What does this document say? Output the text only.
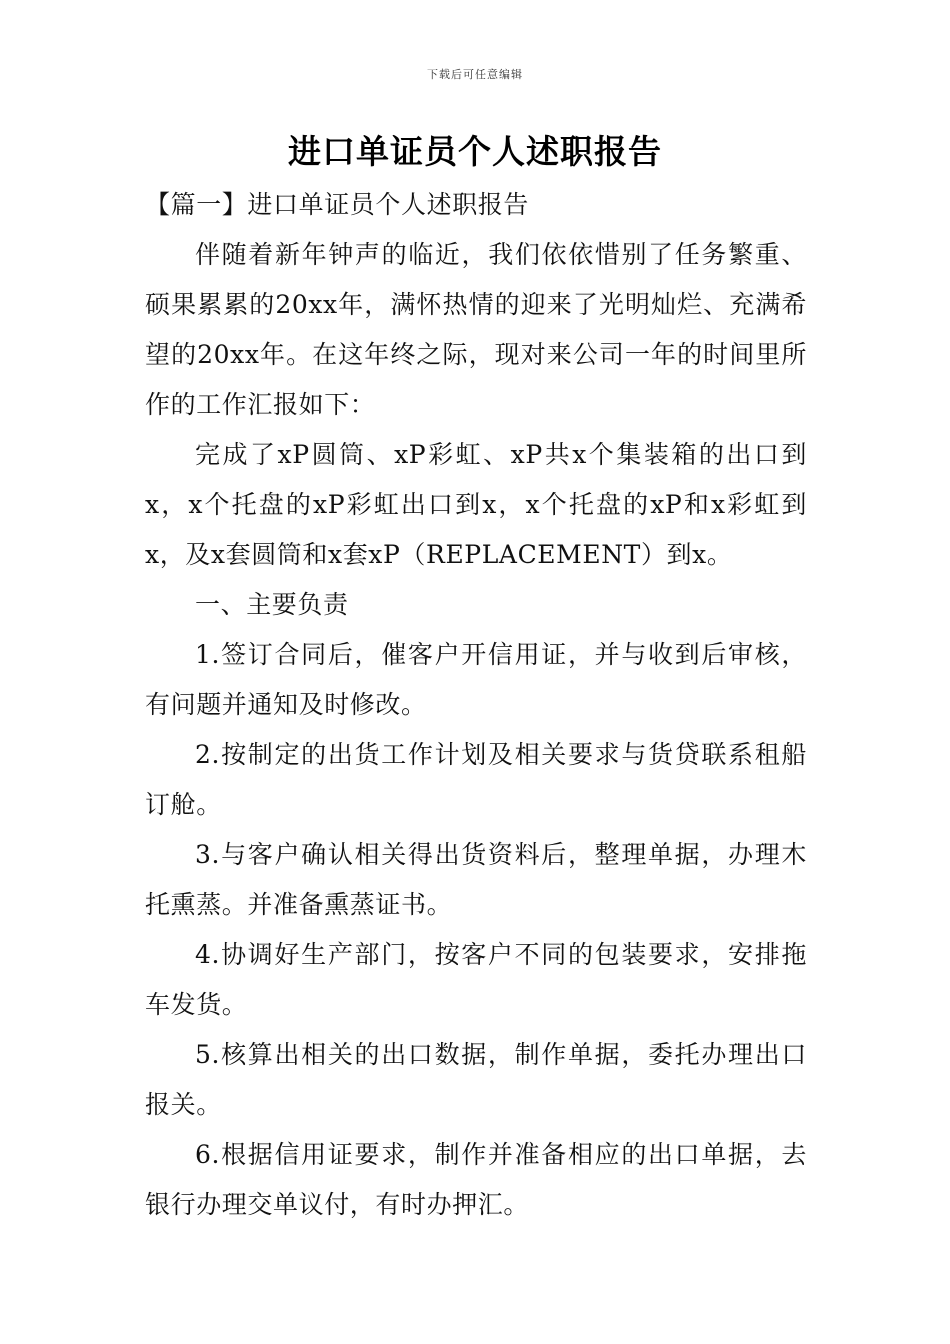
下载后可任意编辑
进口单证员个人述职报告

【篇一】进口单证员个人述职报告

伴随着新年钟声的临近，我们依依惜别了任务繁重、硕果累累的20xx年，满怀热情的迎来了光明灿烂、充满希望的20xx年。在这年终之际，现对来公司一年的时间里所作的工作汇报如下：

完成了xP圆筒、xP彩虹、xP共x个集装箱的出口到x，x个托盘的xP彩虹出口到x，x个托盘的xP和x彩虹到x，及x套圆筒和x套xP（REPLACEMENT）到x。

一、主要负责

1.签订合同后，催客户开信用证，并与收到后审核，有问题并通知及时修改。

2.按制定的出货工作计划及相关要求与货贷联系租船订舱。

3.与客户确认相关得出货资料后，整理单据，办理木托熏蒸。并准备熏蒸证书。

4.协调好生产部门，按客户不同的包装要求，安排拖车发货。

5.核算出相关的出口数据，制作单据，委托办理出口报关。

6.根据信用证要求，制作并准备相应的出口单据，去银行办理交单议付，有时办押汇。
